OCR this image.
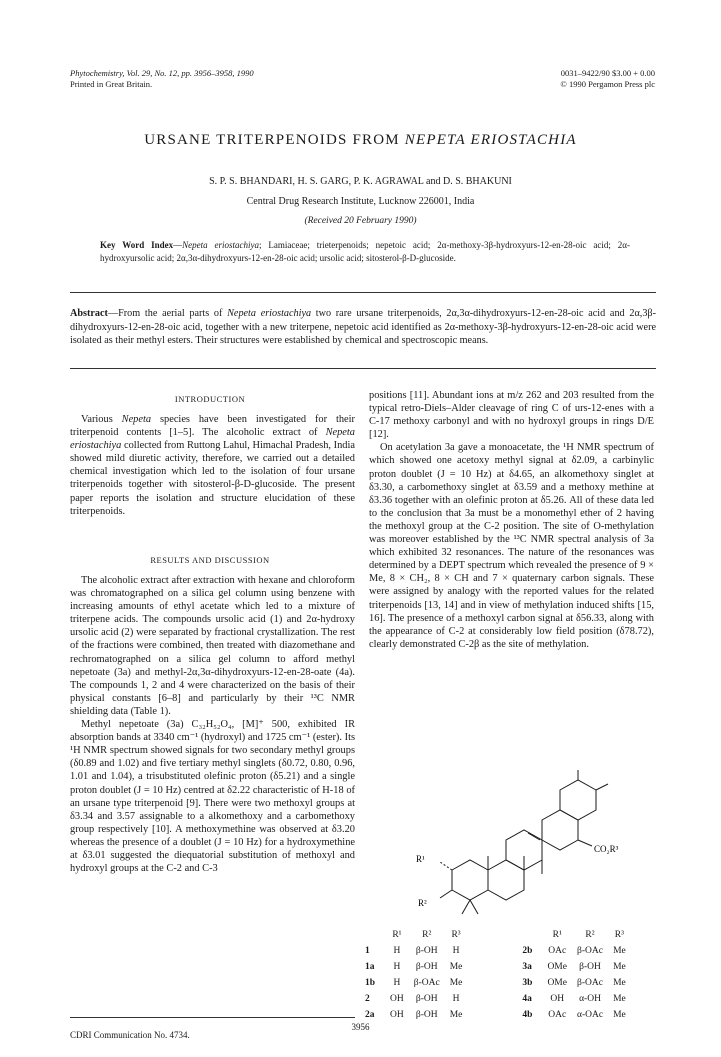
Phytochemistry, Vol. 29, No. 12, pp. 3956–3958, 1990
Printed in Great Britain.
0031–9422/90 $3.00 + 0.00
© 1990 Pergamon Press plc
URSANE TRITERPENOIDS FROM NEPETA ERIOSTACHIA
S. P. S. BHANDARI, H. S. GARG, P. K. AGRAWAL and D. S. BHAKUNI
Central Drug Research Institute, Lucknow 226001, India
(Received 20 February 1990)
Key Word Index—Nepeta eriostachiya; Lamiaceae; trieterpenoids; nepetoic acid; 2α-methoxy-3β-hydroxyurs-12-en-28-oic acid; 2α-hydroxyursolic acid; 2α,3α-dihydroxyurs-12-en-28-oic acid; ursolic acid; sitosterol-β-D-glucoside.
Abstract—From the aerial parts of Nepeta eriostachiya two rare ursane triterpenoids, 2α,3α-dihydroxyurs-12-en-28-oic acid and 2α,3β-dihydroxyurs-12-en-28-oic acid, together with a new triterpene, nepetoic acid identified as 2α-methoxy-3β-hydroxyurs-12-en-28-oic acid were isolated as their methyl esters. Their structures were established by chemical and spectroscopic means.
INTRODUCTION

Various Nepeta species have been investigated for their triterpenoid contents [1–5]. The alcoholic extract of Nepeta eriostachiya collected from Ruttong Lahul, Himachal Pradesh, India showed mild diuretic activity, therefore, we carried out a detailed chemical investigation which led to the isolation of four ursane triterpenoids together with sitosterol-β-D-glucoside. The present paper reports the isolation and structure elucidation of these triterpenoids.

RESULTS AND DISCUSSION

The alcoholic extract after extraction with hexane and chloroform was chromatographed on a silica gel column using benzene with increasing amounts of ethyl acetate which led to a mixture of triterpene acids. The compounds ursolic acid (1) and 2α-hydroxy ursolic acid (2) were separated by fractional crystallization. The rest of the fractions were combined, then treated with diazomethane and rechromatographed on a silica gel column to afford methyl nepetoate (3a) and methyl-2α,3α-dihydroxyurs-12-en-28-oate (4a). The compounds 1, 2 and 4 were characterized on the basis of their physical constants [6–8] and particularly by their ¹³C NMR shielding data (Table 1).

Methyl nepetoate (3a) C₃₂H₅₂O₄, [M]⁺ 500, exhibited IR absorption bands at 3340 cm⁻¹ (hydroxyl) and 1725 cm⁻¹ (ester). Its ¹H NMR spectrum showed signals for two secondary methyl groups (δ0.89 and 1.02) and five tertiary methyl singlets (δ0.72, 0.80, 0.96, 1.01 and 1.04), a trisubstituted olefinic proton (δ5.21) and a single proton doublet (J = 10 Hz) centred at δ2.22 characteristic of H-18 of an ursane type triterpenoid [9]. There were two methoxyl groups at δ3.34 and 3.57 assignable to a alkomethoxy and a carbomethoxy group respectively [10]. A methoxymethine was observed at δ3.20 whereas the presence of a doublet (J = 10 Hz) for a hydroxymethine at δ3.01 suggested the diequatorial substitution of methoxyl and hydroxyl groups at the C-2 and C-3

CDRI Communication No. 4734.

positions [11]. Abundant ions at m/z 262 and 203 resulted from the typical retro-Diels–Alder cleavage of ring C of urs-12-enes with a C-17 methoxy carbonyl and with no hydroxyl groups in rings D/E [12].

On acetylation 3a gave a monoacetate, the ¹H NMR spectrum of which showed one acetoxy methyl signal at δ2.09, a carbinylic proton doublet (J = 10 Hz) at δ4.65, an alkomethoxy singlet at δ3.30, a carbomethoxy singlet at δ3.59 and a methoxy methine at δ3.36 together with an olefinic proton at δ5.26. All of these data led to the conclusion that 3a must be a monomethyl ether of 2 having the methoxyl group at the C-2 position. The site of O-methylation was moreover established by the ¹³C NMR spectral analysis of 3a which exhibited 32 resonances. The nature of the resonances was determined by a DEPT spectrum which revealed the presence of 9 × Me, 8 × CH₂, 8 × CH and 7 × quaternary carbon signals. These were assigned by analogy with the reported values for the related triterpenoids [13, 14] and in view of methylation induced shifts [15, 16]. The presence of a methoxyl carbon signal at δ56.33, along with the appearance of C-2 at considerably low field position (δ78.72), clearly demonstrated C-2β as the site of methylation.

R¹
R²
CO₂R³
	R¹	R²	R³			R¹	R²	R³
1	H	β-OH	H		2b	OAc	β-OAc	Me
1a	H	β-OH	Me		3a	OMe	β-OH	Me
1b	H	β-OAc	Me		3b	OMe	β-OAc	Me
2	OH	β-OH	H		4a	OH	α-OH	Me
2a	OH	β-OH	Me		4b	OAc	α-OAc	Me
3956
